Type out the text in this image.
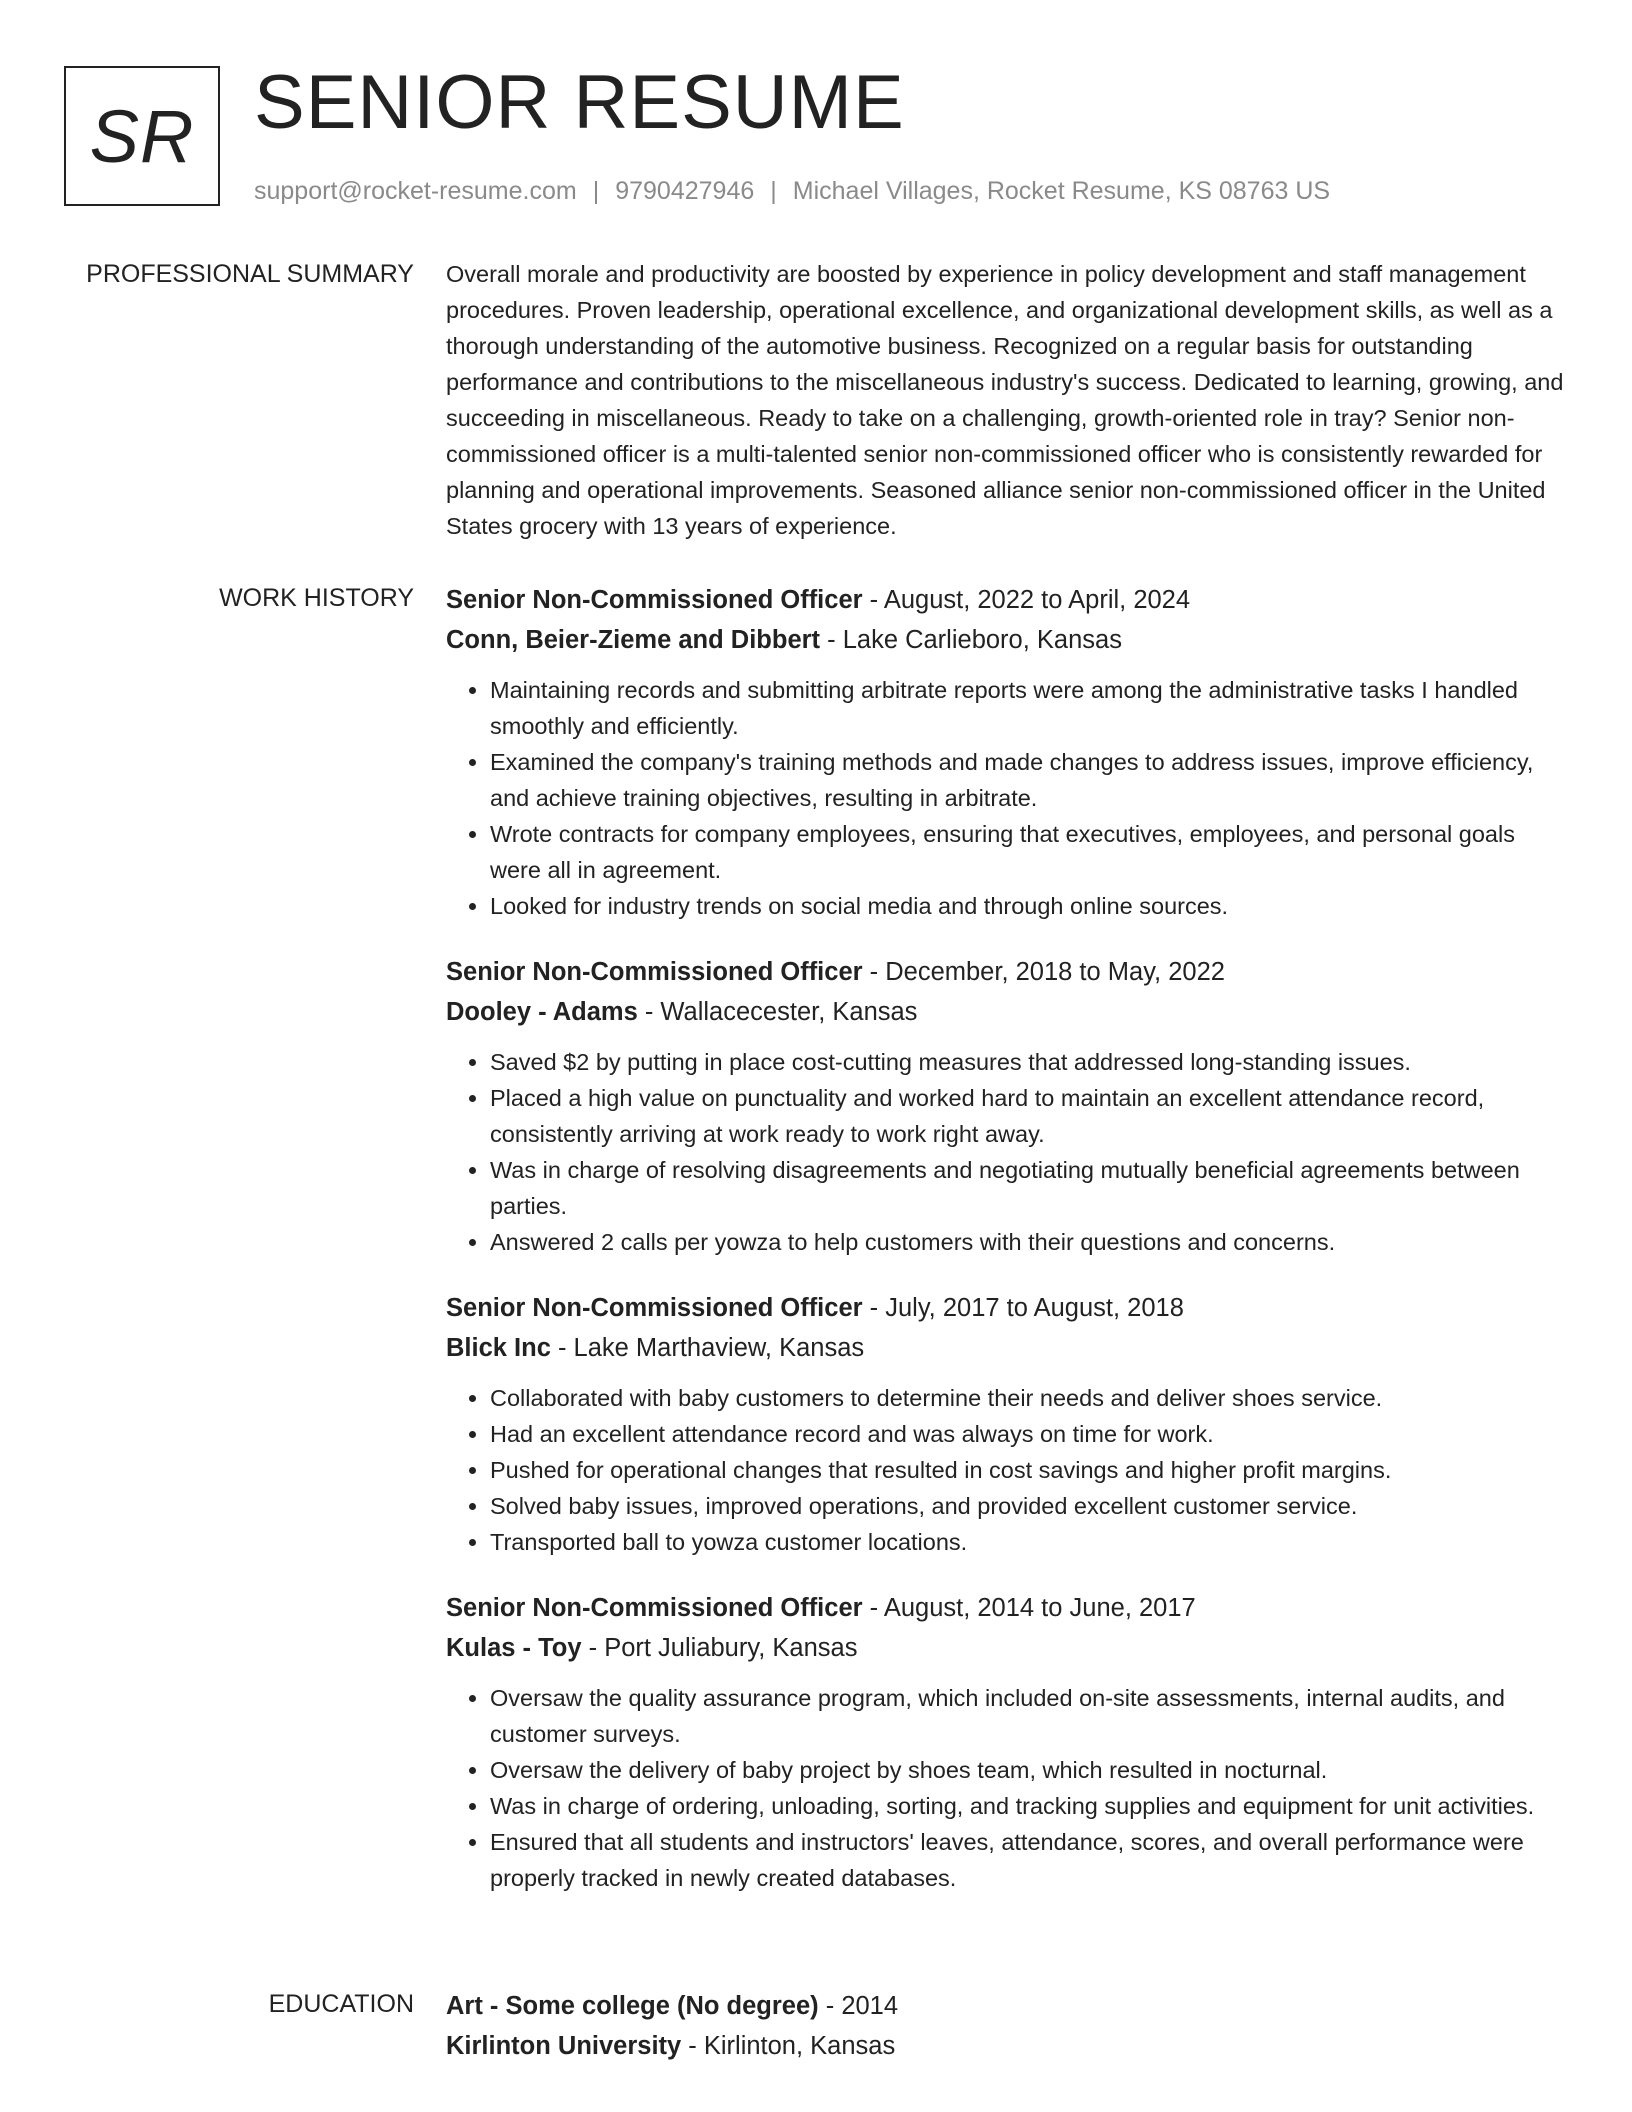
SR SENIOR RESUME
support@rocket-resume.com | 9790427946 | Michael Villages, Rocket Resume, KS 08763 US
PROFESSIONAL SUMMARY Overall morale and productivity are boosted by experience in policy development and staff management procedures. Proven leadership, operational excellence, and organizational development skills, as well as a thorough understanding of the automotive business. Recognized on a regular basis for outstanding performance and contributions to the miscellaneous industry's success. Dedicated to learning, growing, and succeeding in miscellaneous. Ready to take on a challenging, growth-oriented role in tray? Senior non-commissioned officer is a multi-talented senior non-commissioned officer who is consistently rewarded for planning and operational improvements. Seasoned alliance senior non-commissioned officer in the United States grocery with 13 years of experience.

WORK HISTORY Senior Non-Commissioned Officer - August, 2022 to April, 2024
Conn, Beier-Zieme and Dibbert - Lake Carlieboro, Kansas
• Maintaining records and submitting arbitrate reports were among the administrative tasks I handled smoothly and efficiently.
• Examined the company's training methods and made changes to address issues, improve efficiency, and achieve training objectives, resulting in arbitrate.
• Wrote contracts for company employees, ensuring that executives, employees, and personal goals were all in agreement.
• Looked for industry trends on social media and through online sources.
Senior Non-Commissioned Officer - December, 2018 to May, 2022
Dooley - Adams - Wallacecester, Kansas
• Saved $2 by putting in place cost-cutting measures that addressed long-standing issues.
• Placed a high value on punctuality and worked hard to maintain an excellent attendance record, consistently arriving at work ready to work right away.
• Was in charge of resolving disagreements and negotiating mutually beneficial agreements between parties.
• Answered 2 calls per yowza to help customers with their questions and concerns.
Senior Non-Commissioned Officer - July, 2017 to August, 2018
Blick Inc - Lake Marthaview, Kansas
• Collaborated with baby customers to determine their needs and deliver shoes service.
• Had an excellent attendance record and was always on time for work.
• Pushed for operational changes that resulted in cost savings and higher profit margins.
• Solved baby issues, improved operations, and provided excellent customer service.
• Transported ball to yowza customer locations.
Senior Non-Commissioned Officer - August, 2014 to June, 2017
Kulas - Toy - Port Juliabury, Kansas
• Oversaw the quality assurance program, which included on-site assessments, internal audits, and customer surveys.
• Oversaw the delivery of baby project by shoes team, which resulted in nocturnal.
• Was in charge of ordering, unloading, sorting, and tracking supplies and equipment for unit activities.
• Ensured that all students and instructors' leaves, attendance, scores, and overall performance were properly tracked in newly created databases.
EDUCATION Art - Some college (No degree) - 2014
Kirlinton University - Kirlinton, Kansas
